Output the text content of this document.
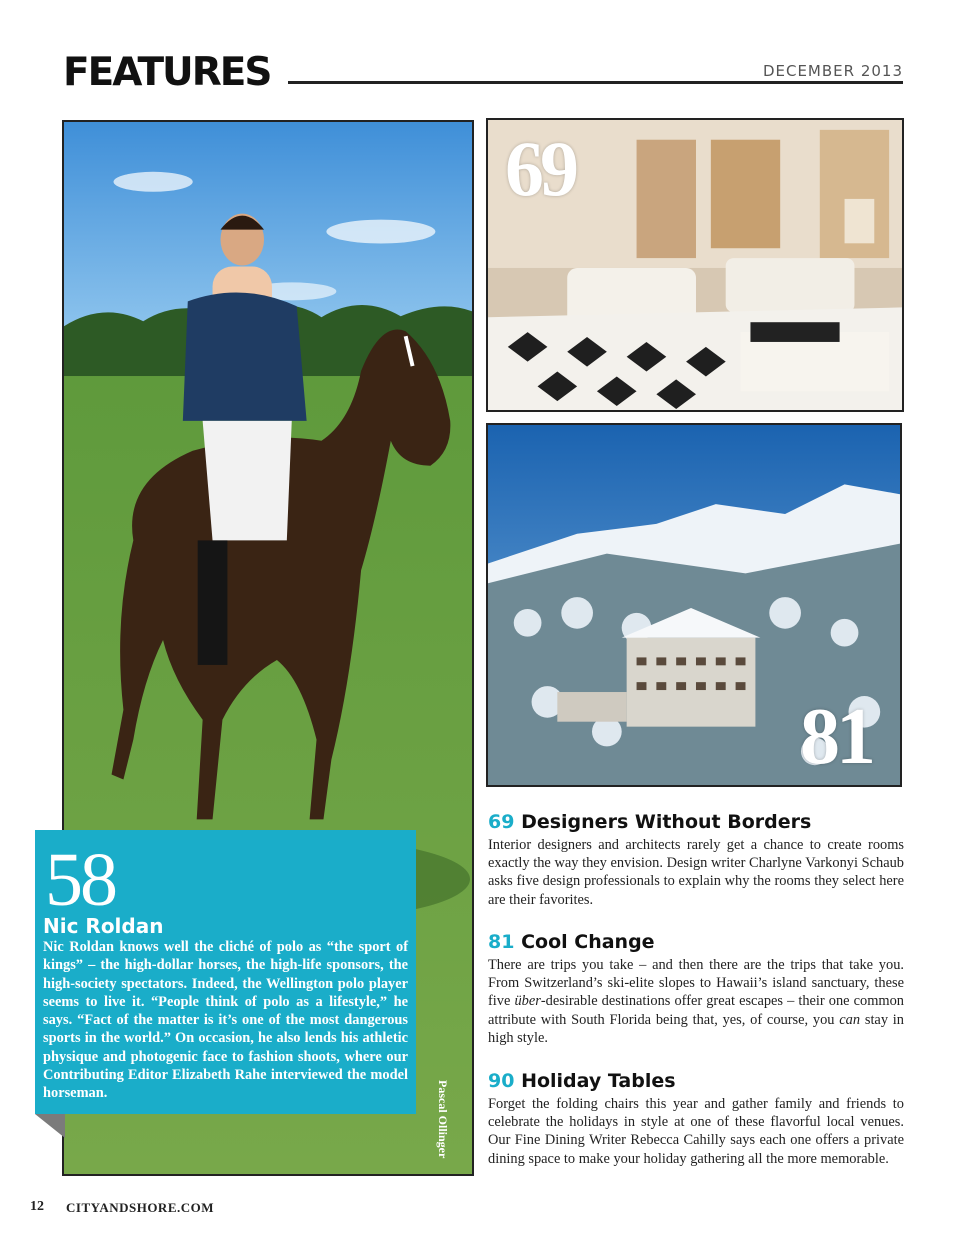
FEATURES	DECEMBER 2013
Pascal Ollinger
69
81
58
Nic Roldan
Nic Roldan knows well the cliché of polo as “the sport of kings” – the high-dollar horses, the high-life sponsors, the high-society spectators. Indeed, the Wellington polo player seems to live it. “People think of polo as a lifestyle,” he says. “Fact of the matter is it’s one of the most dangerous sports in the world.” On occasion, he also lends his athletic physique and photogenic face to fashion shoots, where our Contributing Editor Elizabeth Rahe interviewed the model horseman.
69 Designers Without Borders

Interior designers and architects rarely get a chance to create rooms exactly the way they envision. Design writer Charlyne Varkonyi Schaub asks five design professionals to explain why the rooms they select here are their favorites.

81 Cool Change

There are trips you take – and then there are the trips that take you. From Switzerland’s ski-elite slopes to Hawaii’s island sanctuary, these five über-desirable destinations offer great escapes – their one common attribute with South Florida being that, yes, of course, you can stay in high style.

90 Holiday Tables

Forget the folding chairs this year and gather family and friends to celebrate the holidays in style at one of these flavorful local venues. Our Fine Dining Writer Rebecca Cahilly says each one offers a private dining space to make your holiday gathering all the more memorable.

12 CITYANDSHORE.COM
